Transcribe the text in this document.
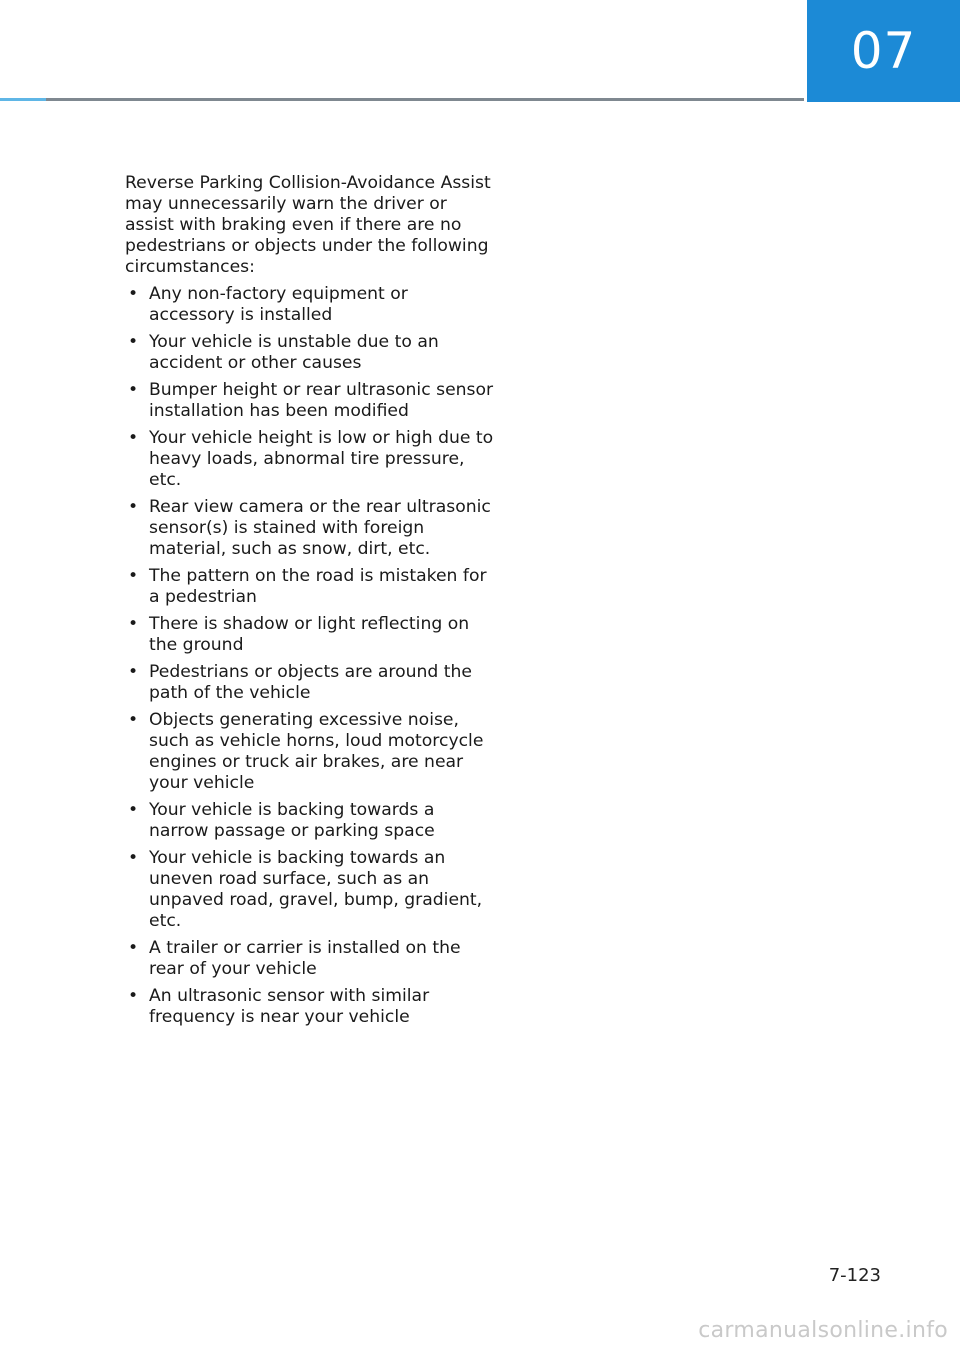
07

Reverse Parking Collision-Avoidance Assist may unnecessarily warn the driver or assist with braking even if there are no pedestrians or objects under the following circumstances:

• Any non-factory equipment or accessory is installed
• Your vehicle is unstable due to an accident or other causes
• Bumper height or rear ultrasonic sensor installation has been modified
• Your vehicle height is low or high due to heavy loads, abnormal tire pressure, etc.
• Rear view camera or the rear ultrasonic sensor(s) is stained with foreign material, such as snow, dirt, etc.
• The pattern on the road is mistaken for a pedestrian
• There is shadow or light reflecting on the ground
• Pedestrians or objects are around the path of the vehicle
• Objects generating excessive noise, such as vehicle horns, loud motorcycle engines or truck air brakes, are near your vehicle
• Your vehicle is backing towards a narrow passage or parking space
• Your vehicle is backing towards an uneven road surface, such as an unpaved road, gravel, bump, gradient, etc.
• A trailer or carrier is installed on the rear of your vehicle
• An ultrasonic sensor with similar frequency is near your vehicle
7-123
carmanualsonline.info
